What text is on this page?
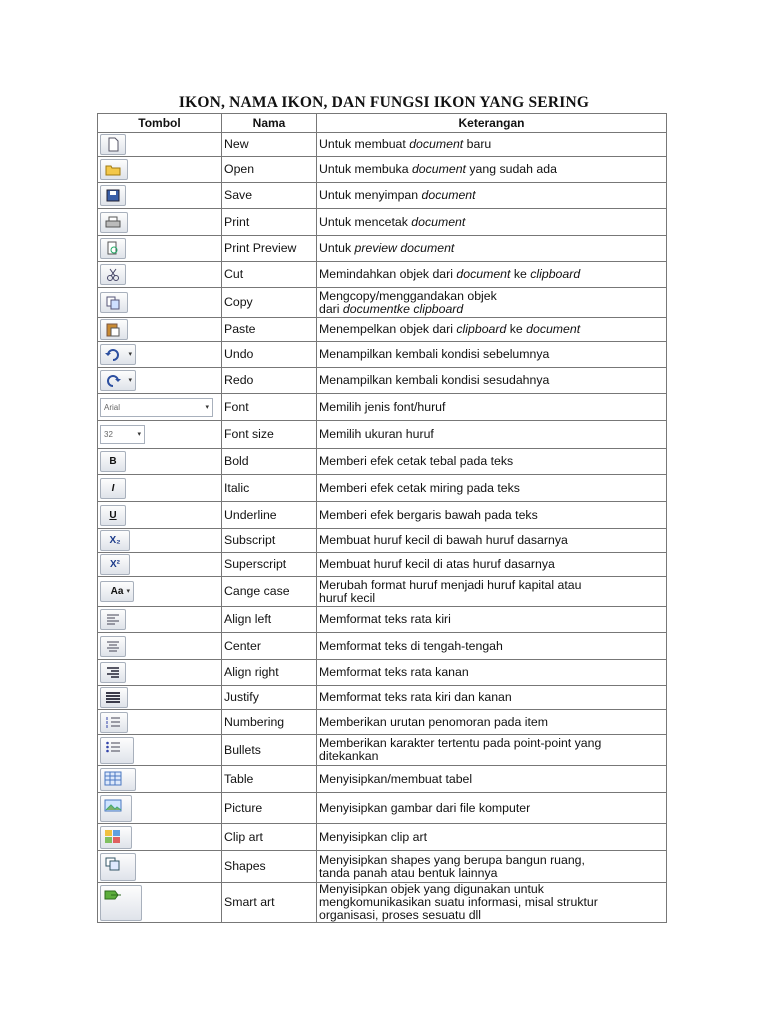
IKON, NAMA IKON, DAN FUNGSI IKON YANG SERING
Tombol	Nama	Keterangan

	New	Untuk membuat document baru

	Open	Untuk membuka document yang sudah ada

	Save	Untuk menyimpan document

	Print	Untuk mencetak document

	Print Preview	Untuk preview document

	Cut	Memindahkan objek dari document ke clipboard

	Copy	Mengcopy/menggandakan objek
dari documentke clipboard

	Paste	Menempelkan objek dari clipboard ke document

▾	Undo	Menampilkan kembali kondisi sebelumnya

▾	Redo	Menampilkan kembali kondisi sesudahnya
Arial ▾	Font	Memilih jenis font/huruf
32 ▾	Font size	Memilih ukuran huruf
B	Bold	Memberi efek cetak tebal pada teks
I	Italic	Memberi efek cetak miring pada teks
U	Underline	Memberi efek bergaris bawah pada teks
X₂	Subscript	Membuat huruf kecil di bawah huruf dasarnya
X²	Superscript	Membuat huruf kecil di atas huruf dasarnya
Aa ▾	Cange case	Merubah format huruf menjadi huruf kapital atau
huruf kecil

	Align left	Memformat teks rata kiri

	Center	Memformat teks di tengah-tengah

	Align right	Memformat teks rata kanan

	Justify	Memformat teks rata kiri dan kanan

	Numbering	Memberikan urutan penomoran pada item

	Bullets	Memberikan karakter tertentu pada point-point yang
ditekankan

	Table	Menyisipkan/membuat tabel

	Picture	Menyisipkan gambar dari file komputer

	Clip art	Menyisipkan clip art

	Shapes	Menyisipkan shapes yang berupa bangun ruang,
tanda panah atau bentuk lainnya

	Smart art	Menyisipkan objek yang digunakan untuk
mengkomunikasikan suatu informasi, misal struktur
organisasi, proses sesuatu dll
